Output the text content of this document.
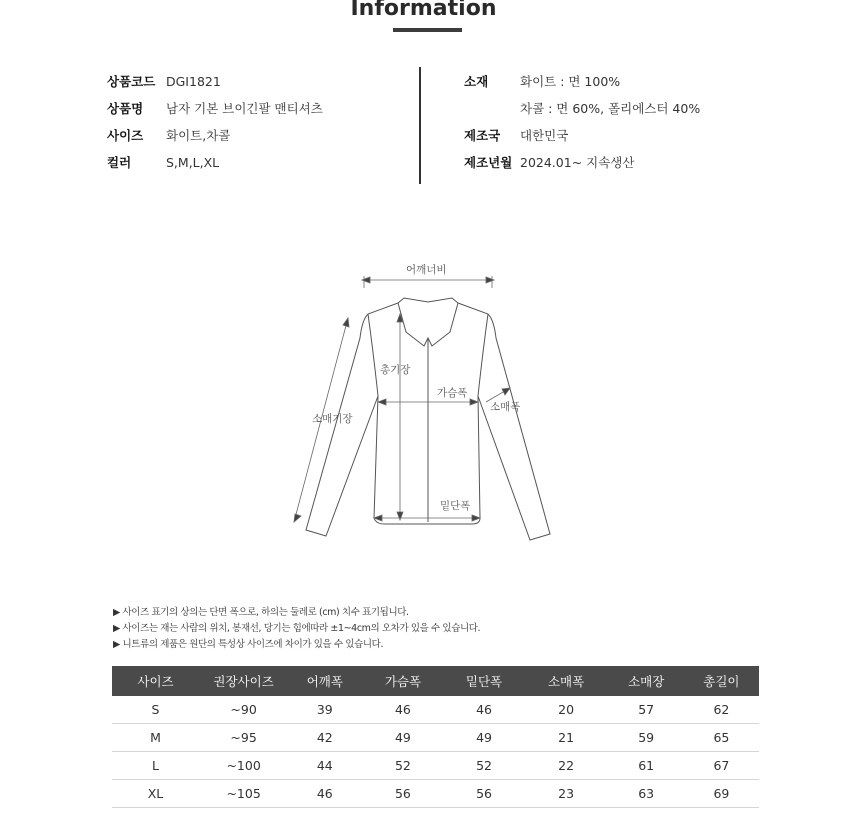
Information
상품코드 DGI1821
상품명 남자 기본 브이긴팔 맨티셔츠
사이즈 화이트,차콜
컬러	S,M,L,XL
소재	화이트 : 면 100%
차콜 : 면 60%, 폴리에스터 40%
제조국 대한민국
제조년월 2024.01~ 지속생산
어깨너비
총기장
가슴폭
소매폭
소매기장
밑단폭
▶ 사이즈 표기의 상의는 단면 폭으로, 하의는 둘레로 (cm) 치수 표기됩니다.
▶ 사이즈는 재는 사람의 위치, 봉재선, 당기는 힘에따라 ±1~4cm의 오차가 있을 수 있습니다.
▶ 니트류의 제품은 원단의 특성상 사이즈에 차이가 있을 수 있습니다.
사이즈	권장사이즈	어깨폭	가슴폭	밑단폭	소매폭	소매장	총길이
S	~90	39	46	46	20	57	62
M	~95	42	49	49	21	59	65
L	~100	44	52	52	22	61	67
XL	~105	46	56	56	23	63	69
